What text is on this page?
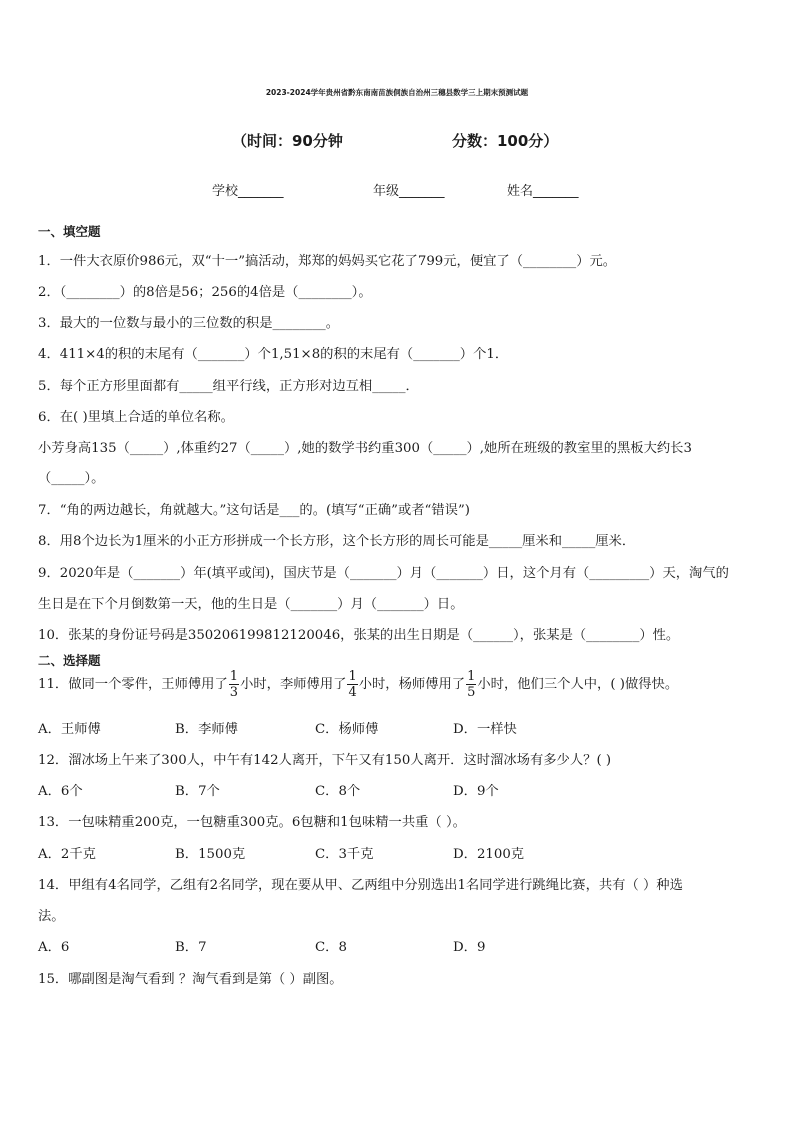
2023-2024学年贵州省黔东南南苗族侗族自治州三穗县数学三上期末预测试题
（时间：90分钟	分数：100分）
学校_______	年级_______	姓名_______
一、填空题
1．一件大衣原价986元，双“十一”搞活动，郑郑的妈妈买它花了799元，便宜了（________）元。
2．（________）的8倍是56；256的4倍是（________）。
3．最大的一位数与最小的三位数的积是________。
4．411×4的积的末尾有（_______）个1,51×8的积的末尾有（_______）个1．
5．每个正方形里面都有_____组平行线，正方形对边互相_____．
6．在( )里填上合适的单位名称。
小芳身高135（_____）,体重约27（_____）,她的数学书约重300（_____）,她所在班级的教室里的黑板大约长3
（_____）。
7．“角的两边越长，角就越大。”这句话是___的。(填写“正确”或者“错误”)
8．用8个边长为1厘米的小正方形拼成一个长方形，这个长方形的周长可能是_____厘米和_____厘米．
9．2020年是（_______）年(填平或闰)，国庆节是（_______）月（_______）日，这个月有（_________）天，淘气的
生日是在下个月倒数第一天，他的生日是（_______）月（_______）日。
10．张某的身份证号码是350206199812120046，张某的出生日期是（______），张某是（________）性。
二、选择题
11．做同一个零件，王师傅用了 $\frac{1}{3}$ 小时，李师傅用了 $\frac{1}{4}$ 小时，杨师傅用了 $\frac{1}{5}$ 小时，他们三个人中，( )做得快。
A．王师傅	B．李师傅	C．杨师傅	D．一样快
12．溜冰场上午来了300人，中午有142人离开，下午又有150人离开．这时溜冰场有多少人？( )
A．6个	B．7个	C．8个	D．9个
13．一包味精重200克，一包糖重300克。6包糖和1包味精一共重（ ）。
A．2千克	B．1500克	C．3千克	D．2100克
14．甲组有4名同学，乙组有2名同学，现在要从甲、乙两组中分别选出1名同学进行跳绳比赛，共有（ ）种选
法。
A．6	B．7	C．8	D．9
15．哪副图是淘气看到 ？淘气看到是第（ ）副图。
